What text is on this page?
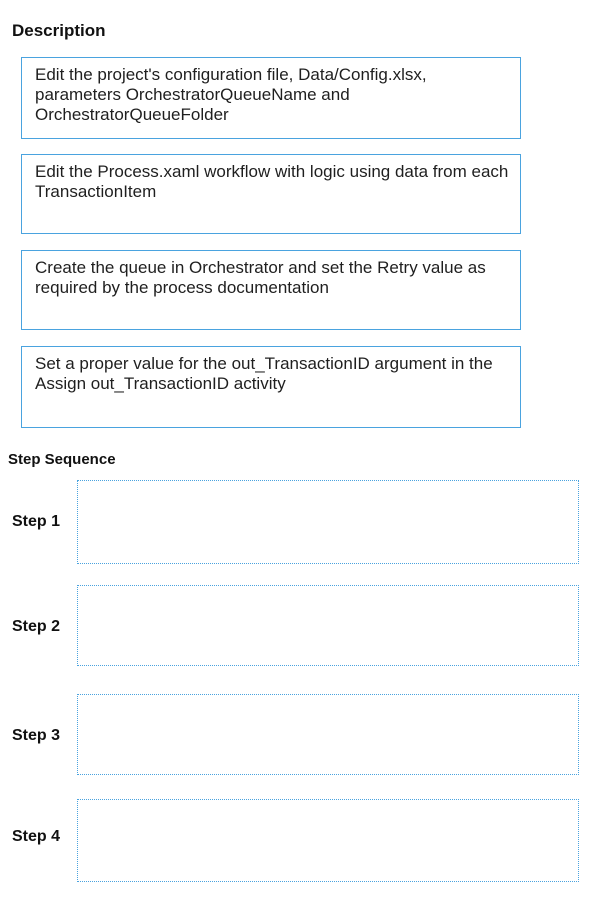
Description
Edit the project's configuration file, Data/Config.xlsx, parameters OrchestratorQueueName and OrchestratorQueueFolder
Edit the Process.xaml workflow with logic using data from each TransactionItem
Create the queue in Orchestrator and set the Retry value as required by the process documentation
Set a proper value for the out_TransactionID argument in the Assign out_TransactionID activity
Step Sequence
Step 1
Step 2
Step 3
Step 4
